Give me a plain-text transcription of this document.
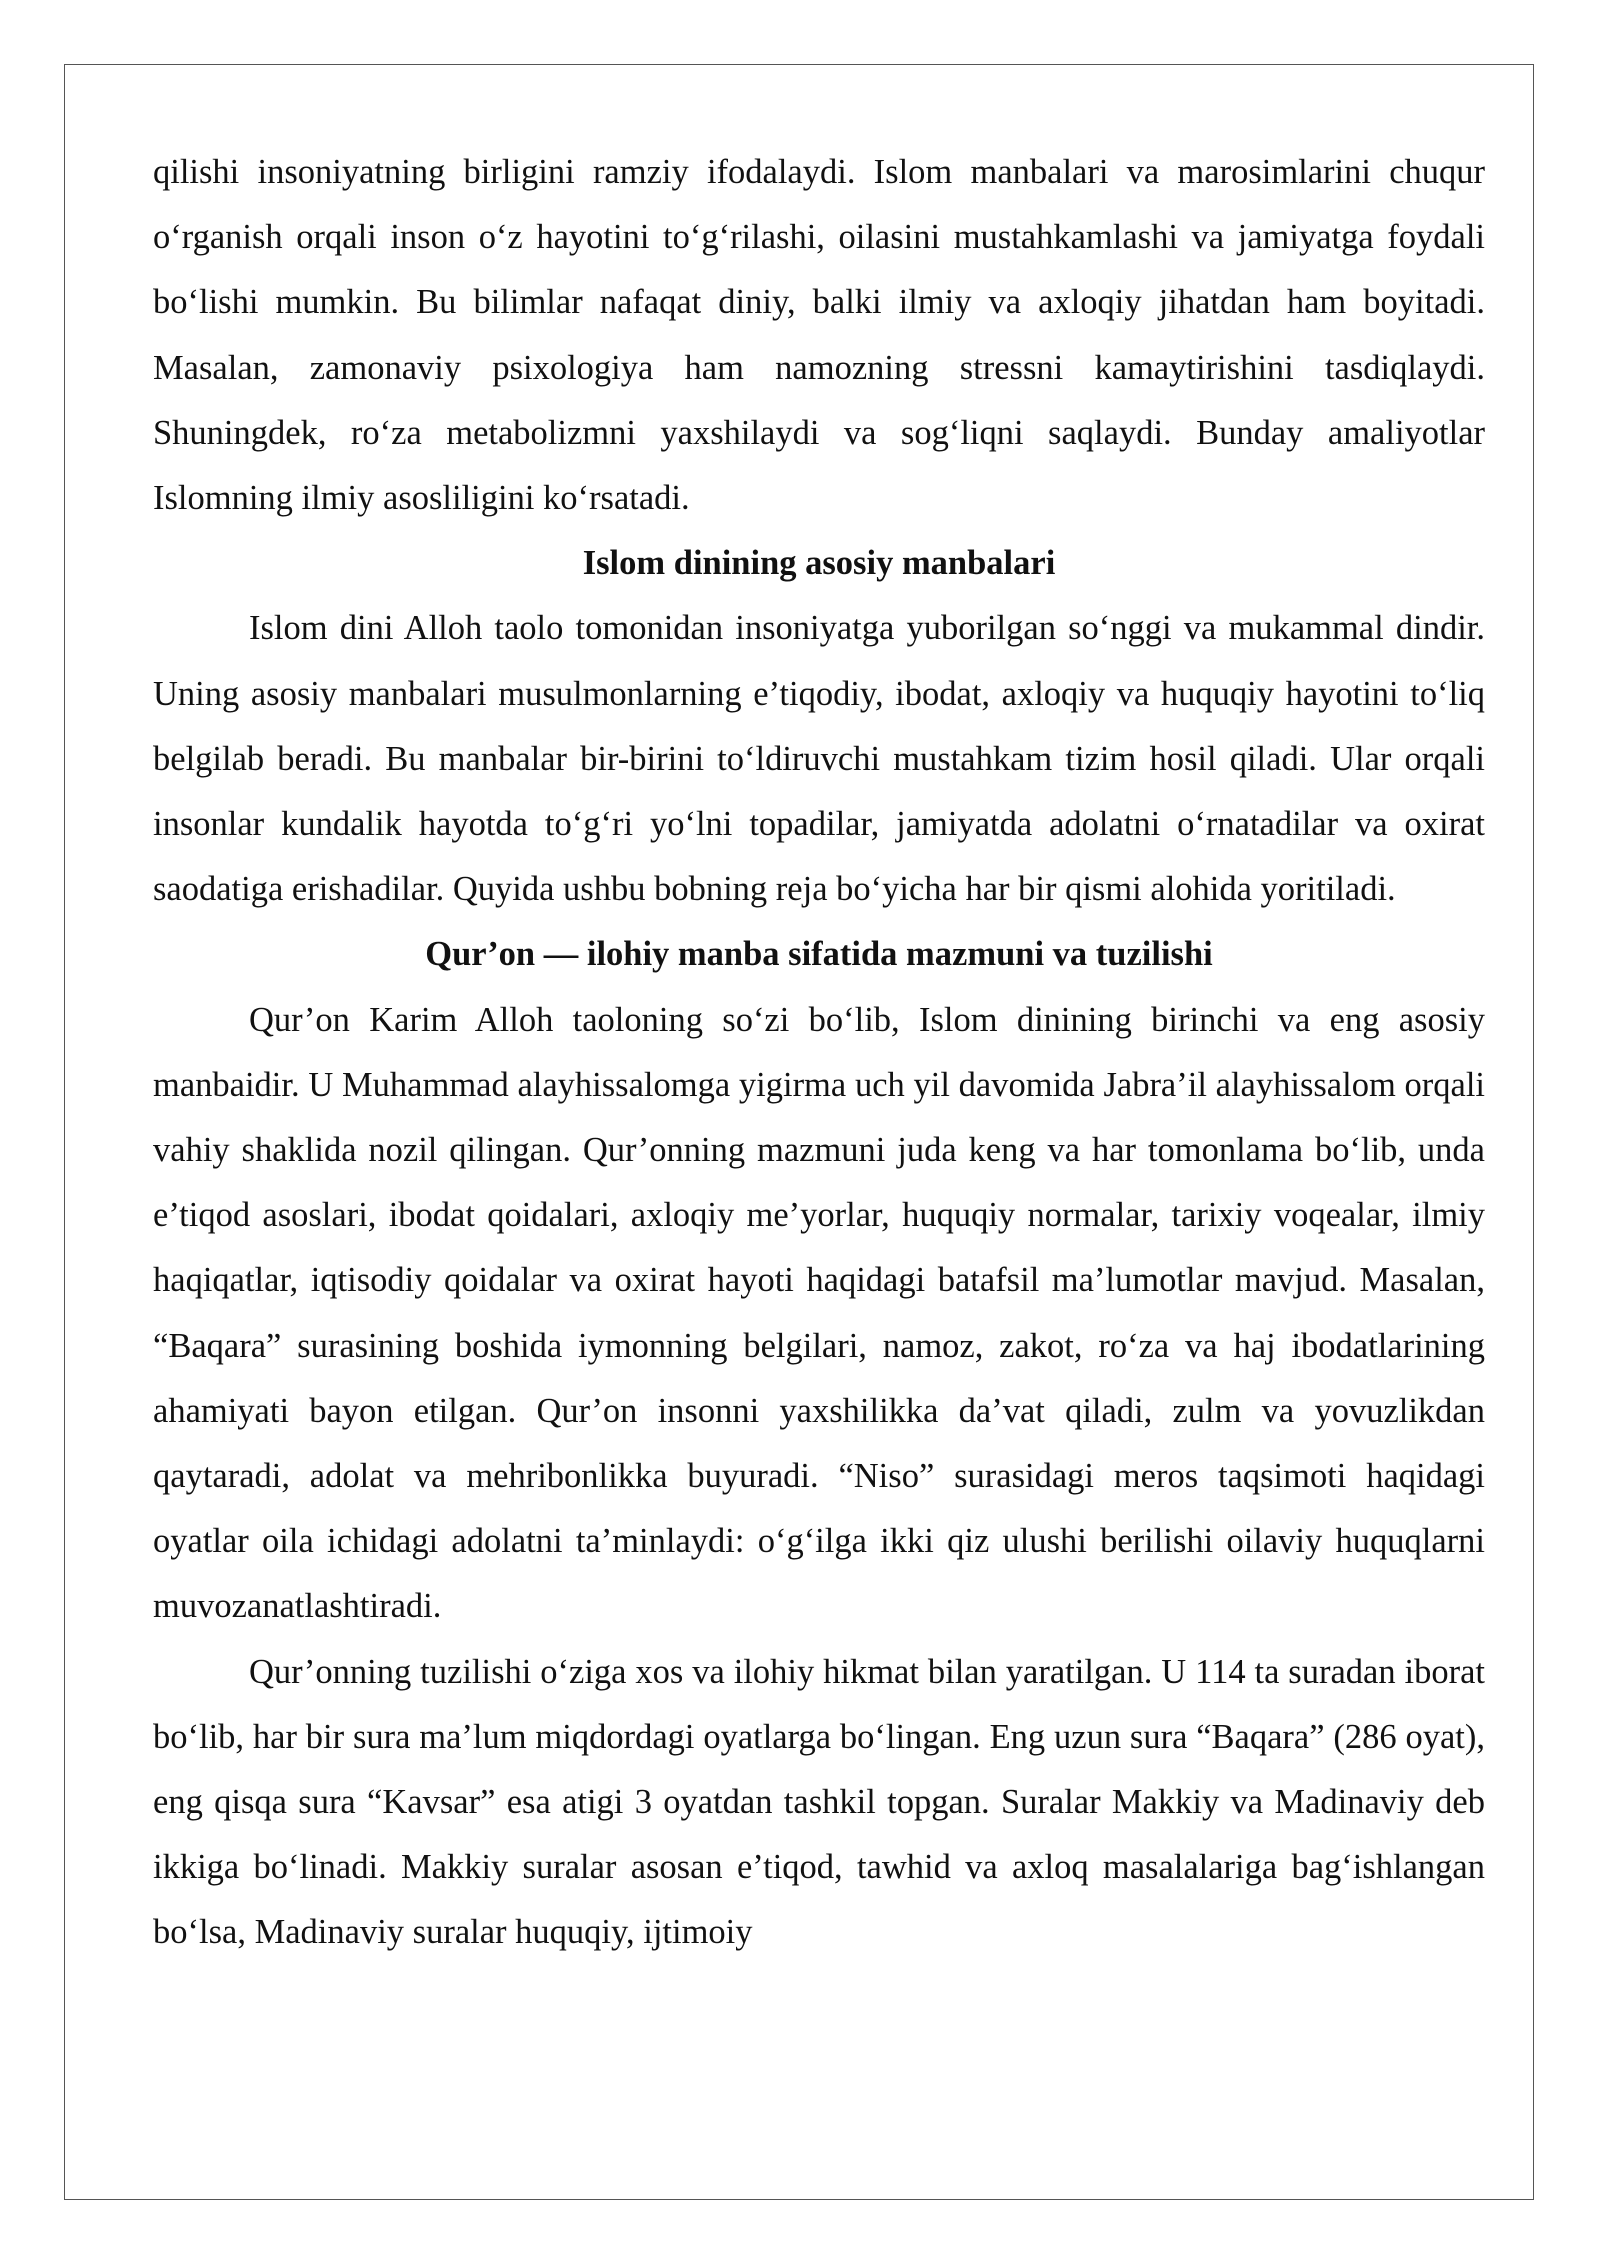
qilishi insoniyatning birligini ramziy ifodalaydi. Islom manbalari va marosimlarini chuqur oʻrganish orqali inson oʻz hayotini toʻgʻrilashi, oilasini mustahkamlashi va jamiyatga foydali boʻlishi mumkin. Bu bilimlar nafaqat diniy, balki ilmiy va axloqiy jihatdan ham boyitadi. Masalan, zamonaviy psixologiya ham namozning stressni kamaytirishini tasdiqlaydi. Shuningdek, roʻza metabolizmni yaxshilaydi va sogʻliqni saqlaydi. Bunday amaliyotlar Islomning ilmiy asosliligini koʻrsatadi.

Islom dinining asosiy manbalari

Islom dini Alloh taolo tomonidan insoniyatga yuborilgan soʻnggi va mukammal dindir. Uning asosiy manbalari musulmonlarning e’tiqodiy, ibodat, axloqiy va huquqiy hayotini toʻliq belgilab beradi. Bu manbalar bir-birini toʻldiruvchi mustahkam tizim hosil qiladi. Ular orqali insonlar kundalik hayotda toʻgʻri yoʻlni topadilar, jamiyatda adolatni oʻrnatadilar va oxirat saodatiga erishadilar. Quyida ushbu bobning reja boʻyicha har bir qismi alohida yoritiladi.

Qur’on — ilohiy manba sifatida mazmuni va tuzilishi

Qur’on Karim Alloh taoloning soʻzi boʻlib, Islom dinining birinchi va eng asosiy manbaidir. U Muhammad alayhissalomga yigirma uch yil davomida Jabra’il alayhissalom orqali vahiy shaklida nozil qilingan. Qur’onning mazmuni juda keng va har tomonlama boʻlib, unda e’tiqod asoslari, ibodat qoidalari, axloqiy me’yorlar, huquqiy normalar, tarixiy voqealar, ilmiy haqiqatlar, iqtisodiy qoidalar va oxirat hayoti haqidagi batafsil ma’lumotlar mavjud. Masalan, “Baqara” surasining boshida iymonning belgilari, namoz, zakot, roʻza va haj ibodatlarining ahamiyati bayon etilgan. Qur’on insonni yaxshilikka da’vat qiladi, zulm va yovuzlikdan qaytaradi, adolat va mehribonlikka buyuradi. “Niso” surasidagi meros taqsimoti haqidagi oyatlar oila ichidagi adolatni ta’minlaydi: oʻgʻilga ikki qiz ulushi berilishi oilaviy huquqlarni muvozanatlashtiradi.

Qur’onning tuzilishi oʻziga xos va ilohiy hikmat bilan yaratilgan. U 114 ta suradan iborat boʻlib, har bir sura ma’lum miqdordagi oyatlarga boʻlingan. Eng uzun sura “Baqara” (286 oyat), eng qisqa sura “Kavsar” esa atigi 3 oyatdan tashkil topgan. Suralar Makkiy va Madinaviy deb ikkiga boʻlinadi. Makkiy suralar asosan e’tiqod, tawhid va axloq masalalariga bagʻishlangan boʻlsa, Madinaviy suralar huquqiy, ijtimoiy
